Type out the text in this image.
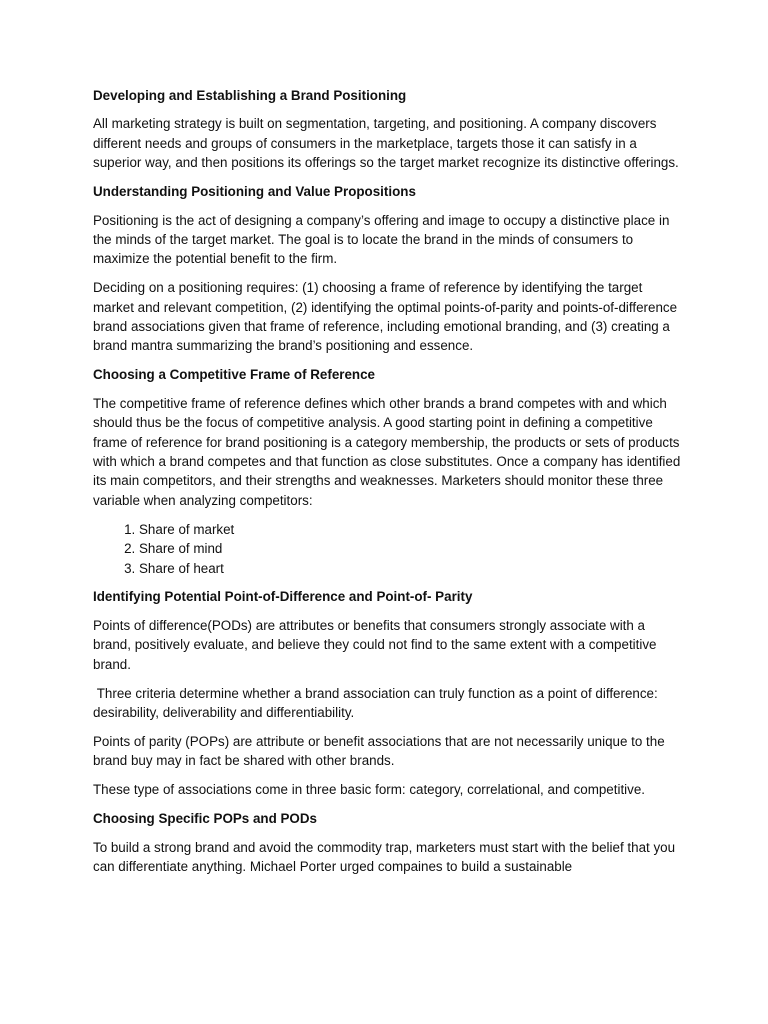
Developing and Establishing a Brand Positioning

All marketing strategy is built on segmentation, targeting, and positioning. A company discovers different needs and groups of consumers in the marketplace, targets those it can satisfy in a superior way, and then positions its offerings so the target market recognize its distinctive offerings.

Understanding Positioning and Value Propositions

Positioning is the act of designing a company’s offering and image to occupy a distinctive place in the minds of the target market. The goal is to locate the brand in the minds of consumers to maximize the potential benefit to the firm.

Deciding on a positioning requires: (1) choosing a frame of reference by identifying the target market and relevant competition, (2) identifying the optimal points-of-parity and points-of-difference brand associations given that frame of reference, including emotional branding, and (3) creating a brand mantra summarizing the brand’s positioning and essence.

Choosing a Competitive Frame of Reference

The competitive frame of reference defines which other brands a brand competes with and which should thus be the focus of competitive analysis. A good starting point in defining a competitive frame of reference for brand positioning is a category membership, the products or sets of products with which a brand competes and that function as close substitutes. Once a company has identified its main competitors, and their strengths and weaknesses. Marketers should monitor these three variable when analyzing competitors:

1. Share of market
2. Share of mind
3. Share of heart
Identifying Potential Point-of-Difference and Point-of- Parity

Points of difference(PODs) are attributes or benefits that consumers strongly associate with a brand, positively evaluate, and believe they could not find to the same extent with a competitive brand.

Three criteria determine whether a brand association can truly function as a point of difference: desirability, deliverability and differentiability.

Points of parity (POPs) are attribute or benefit associations that are not necessarily unique to the brand buy may in fact be shared with other brands.

These type of associations come in three basic form: category, correlational, and competitive.

Choosing Specific POPs and PODs

To build a strong brand and avoid the commodity trap, marketers must start with the belief that you can differentiate anything. Michael Porter urged compaines to build a sustainable
